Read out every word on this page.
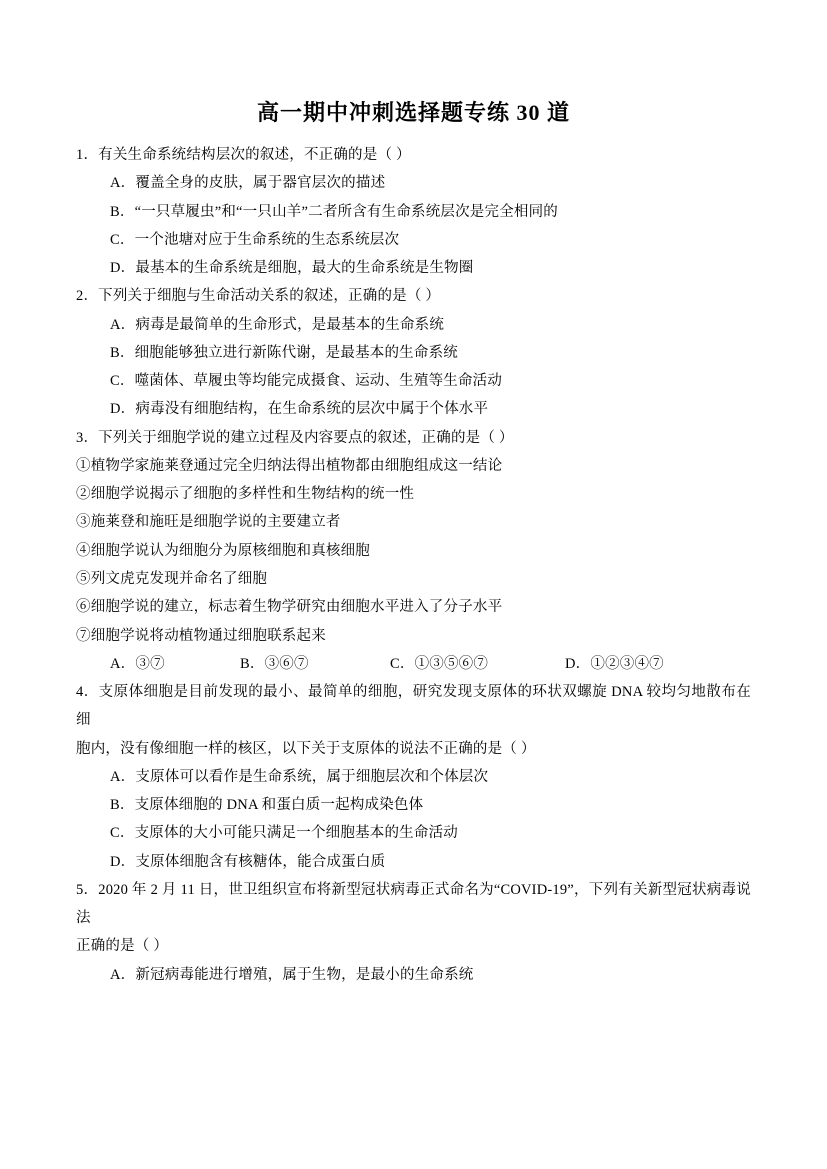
高一期中冲刺选择题专练 30 道

1．有关生命系统结构层次的叙述，不正确的是（ ）

A．覆盖全身的皮肤，属于器官层次的描述

B．“一只草履虫”和“一只山羊”二者所含有生命系统层次是完全相同的

C．一个池塘对应于生命系统的生态系统层次

D．最基本的生命系统是细胞，最大的生命系统是生物圈

2．下列关于细胞与生命活动关系的叙述，正确的是（ ）

A．病毒是最简单的生命形式，是最基本的生命系统

B．细胞能够独立进行新陈代谢，是最基本的生命系统

C．噬菌体、草履虫等均能完成摄食、运动、生殖等生命活动

D．病毒没有细胞结构，在生命系统的层次中属于个体水平

3．下列关于细胞学说的建立过程及内容要点的叙述，正确的是（ ）

①植物学家施莱登通过完全归纳法得出植物都由细胞组成这一结论

②细胞学说揭示了细胞的多样性和生物结构的统一性

③施莱登和施旺是细胞学说的主要建立者

④细胞学说认为细胞分为原核细胞和真核细胞

⑤列文虎克发现并命名了细胞

⑥细胞学说的建立，标志着生物学研究由细胞水平进入了分子水平

⑦细胞学说将动植物通过细胞联系起来

A．③⑦	B．③⑥⑦	C．①③⑤⑥⑦	D．①②③④⑦

4．支原体细胞是目前发现的最小、最简单的细胞，研究发现支原体的环状双螺旋 DNA 较均匀地散布在细

胞内，没有像细胞一样的核区，以下关于支原体的说法不正确的是（ ）

A．支原体可以看作是生命系统，属于细胞层次和个体层次

B．支原体细胞的 DNA 和蛋白质一起构成染色体

C．支原体的大小可能只满足一个细胞基本的生命活动

D．支原体细胞含有核糖体，能合成蛋白质

5．2020 年 2 月 11 日，世卫组织宣布将新型冠状病毒正式命名为“COVID-19”，下列有关新型冠状病毒说法

正确的是（ ）

A．新冠病毒能进行增殖，属于生物，是最小的生命系统
